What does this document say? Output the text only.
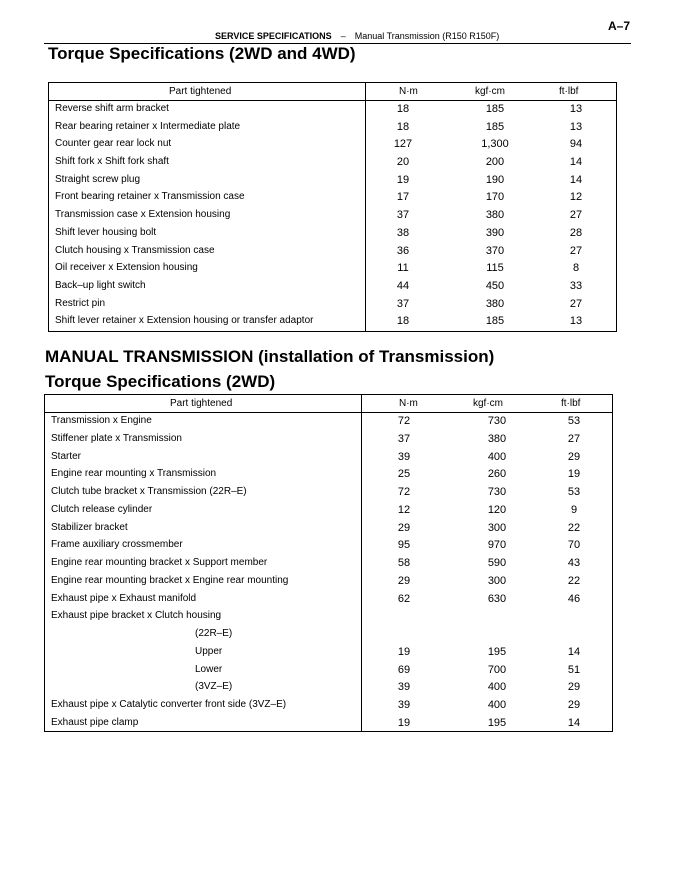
SERVICE SPECIFICATIONS – Manual Transmission (R150 R150F)
A–7
Torque Specifications (2WD and 4WD)
Part tightened	N·m	kgf·cm	ft·lbf
Reverse shift arm bracket	18	185	13
Rear bearing retainer x Intermediate plate	18	185	13
Counter gear rear lock nut	127	1,300	94
Shift fork x Shift fork shaft	20	200	14
Straight screw plug	19	190	14
Front bearing retainer x Transmission case	17	170	12
Transmission case x Extension housing	37	380	27
Shift lever housing bolt	38	390	28
Clutch housing x Transmission case	36	370	27
Oil receiver x Extension housing	11	115	8
Back–up light switch	44	450	33
Restrict pin	37	380	27
Shift lever retainer x Extension housing or transfer adaptor	18	185	13
MANUAL TRANSMISSION (installation of Transmission)
Torque Specifications (2WD)
Part tightened	N·m	kgf·cm	ft·lbf
Transmission x Engine	72	730	53
Stiffener plate x Transmission	37	380	27
Starter	39	400	29
Engine rear mounting x Transmission	25	260	19
Clutch tube bracket x Transmission (22R–E)	72	730	53
Clutch release cylinder	12	120	9
Stabilizer bracket	29	300	22
Frame auxiliary crossmember	95	970	70
Engine rear mounting bracket x Support member	58	590	43
Engine rear mounting bracket x Engine rear mounting	29	300	22
Exhaust pipe x Exhaust manifold	62	630	46
Exhaust pipe bracket x Clutch housing
(22R–E)
Upper	19	195	14
Lower	69	700	51
(3VZ–E)	39	400	29
Exhaust pipe x Catalytic converter front side (3VZ–E)	39	400	29
Exhaust pipe clamp	19	195	14
